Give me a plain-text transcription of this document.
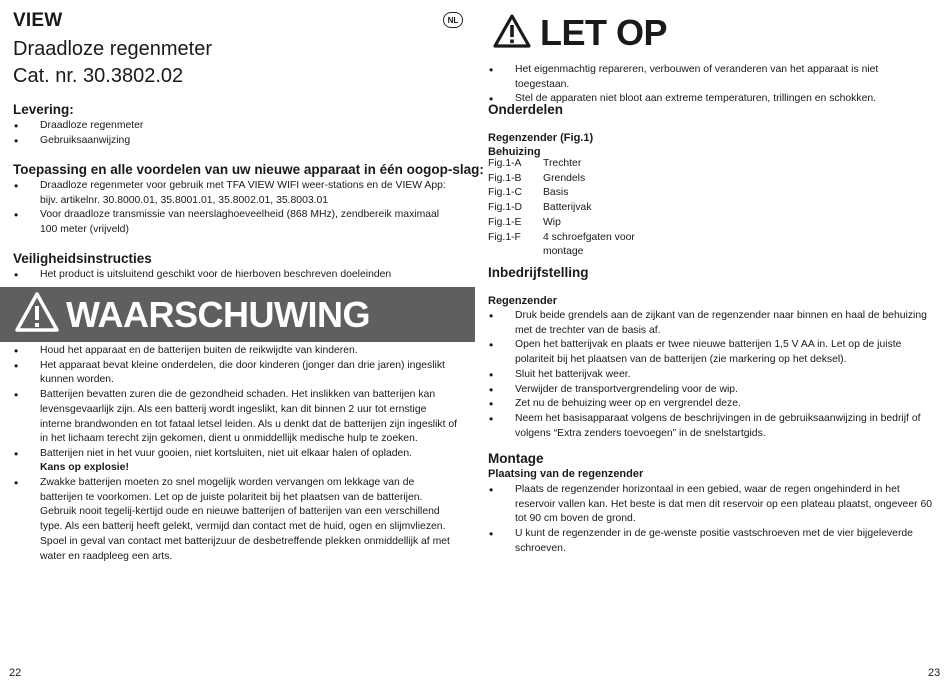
VIEW	NL
Draadloze regenmeter
Cat. nr. 30.3802.02
Levering:
• Draadloze regenmeter
• Gebruiksaanwijzing
Toepassing en alle voordelen van uw nieuwe apparaat in één oogop-slag:
• Draadloze regenmeter voor gebruik met TFA VIEW WIFI weer-stations en de VIEW App: bijv. artikelnr. 30.8000.01, 35.8001.01, 35.8002.01, 35.8003.01
• Voor draadloze transmissie van neerslaghoeveelheid (868 MHz), zendbereik maximaal 100 meter (vrijveld)
Veiligheidsinstructies
• Het product is uitsluitend geschikt voor de hierboven beschreven doeleinden
WAARSCHUWING
• Houd het apparaat en de batterijen buiten de reikwijdte van kinderen.
• Het apparaat bevat kleine onderdelen, die door kinderen (jonger dan drie jaren) ingeslikt kunnen worden.
• Batterijen bevatten zuren die de gezondheid schaden. Het inslikken van batterijen kan levensgevaarlijk zijn. Als een batterij wordt ingeslikt, kan dit binnen 2 uur tot ernstige interne brandwonden en tot fataal letsel leiden. Als u denkt dat de batterijen zijn ingeslikt of in het lichaam terecht zijn gekomen, dient u onmiddellijk medische hulp te zoeken.
• Batterijen niet in het vuur gooien, niet kortsluiten, niet uit elkaar halen of opladen.
Kans op explosie!
• Zwakke batterijen moeten zo snel mogelijk worden vervangen om lekkage van de batterijen te voorkomen. Let op de juiste polariteit bij het plaatsen van de batterijen. Gebruik nooit tegelij-kertijd oude en nieuwe batterijen of batterijen van een verschillend type. Als een batterij heeft gelekt, vermijd dan contact met de huid, ogen en slijmvliezen. Spoel in geval van contact met batterijzuur de desbetreffende plekken onmiddellijk af met water en raadpleeg een arts.
22
LET OP
• Het eigenmachtig repareren, verbouwen of veranderen van het apparaat is niet toegestaan.
• Stel de apparaten niet bloot aan extreme temperaturen, trillingen en schokken.
Onderdelen
Regenzender (Fig.1)
Behuizing
Fig.1-A	Trechter
Fig.1-B	Grendels
Fig.1-C	Basis
Fig.1-D	Batterijvak
Fig.1-E	Wip
Fig.1-F	4 schroefgaten voor montage
Inbedrijfstelling
Regenzender
• Druk beide grendels aan de zijkant van de regenzender naar binnen en haal de behuizing met de trechter van de basis af.
• Open het batterijvak en plaats er twee nieuwe batterijen 1,5 V AA in. Let op de juiste polariteit bij het plaatsen van de batterijen (zie markering op het deksel).
• Sluit het batterijvak weer.
• Verwijder de transportvergrendeling voor de wip.
• Zet nu de behuizing weer op en vergrendel deze.
• Neem het basisapparaat volgens de beschrijvingen in de gebruiksaanwijzing in bedrijf of volgens “Extra zenders toevoegen” in de snelstartgids.
Montage
Plaatsing van de regenzender
• Plaats de regenzender horizontaal in een gebied, waar de regen ongehinderd in het reservoir vallen kan. Het beste is dat men dit reservoir op een plateau plaatst, ongeveer 60 tot 90 cm boven de grond.
• U kunt de regenzender in de ge-wenste positie vastschroeven met de vier bijgeleverde schroeven.
23
